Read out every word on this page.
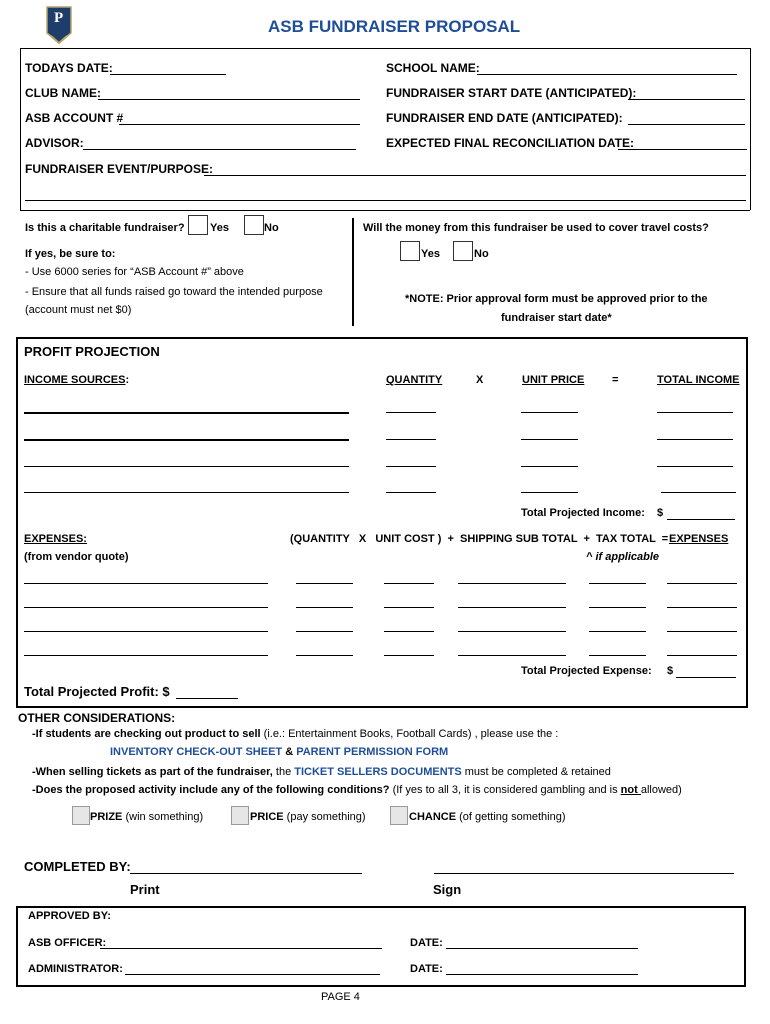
P	ASB FUNDRAISER PROPOSAL
TODAYS DATE:	SCHOOL NAME:
CLUB NAME:	FUNDRAISER START DATE (ANTICIPATED):
ASB ACCOUNT #	FUNDRAISER END DATE (ANTICIPATED):
ADVISOR:	EXPECTED FINAL RECONCILIATION DATE:
FUNDRAISER EVENT/PURPOSE:
Is this a charitable fundraiser? Yes	No
If yes, be sure to:
- Use 6000 series for “ASB Account #” above
- Ensure that all funds raised go toward the intended purpose
(account must net $0)
Will the money from this fundraiser be used to cover travel costs?
Yes	No
*NOTE: Prior approval form must be approved prior to the
fundraiser start date*
PROFIT PROJECTION
INCOME SOURCES:	QUANTITY	X	UNIT PRICE	=	TOTAL INCOME
Total Projected Income: $
EXPENSES:
(from vendor quote)
(QUANTITY   X   UNIT COST )  +  SHIPPING SUB TOTAL  +  TAX TOTAL  = EXPENSES
^ if applicable
Total Projected Expense: $
Total Projected Profit: $
OTHER CONSIDERATIONS:
-If students are checking out product to sell (i.e.: Entertainment Books, Football Cards) , please use the :
INVENTORY CHECK-OUT SHEET & PARENT PERMISSION FORM
-When selling tickets as part of the fundraiser, the TICKET SELLERS DOCUMENTS must be completed & retained
-Does the proposed activity include any of the following conditions? (If yes to all 3, it is considered gambling and is not allowed)
PRIZE (win something)	PRICE (pay something)	CHANCE (of getting something)
COMPLETED BY:
Print	Sign
APPROVED BY:
ASB OFFICER:	DATE:
ADMINISTRATOR:	DATE:
PAGE 4
